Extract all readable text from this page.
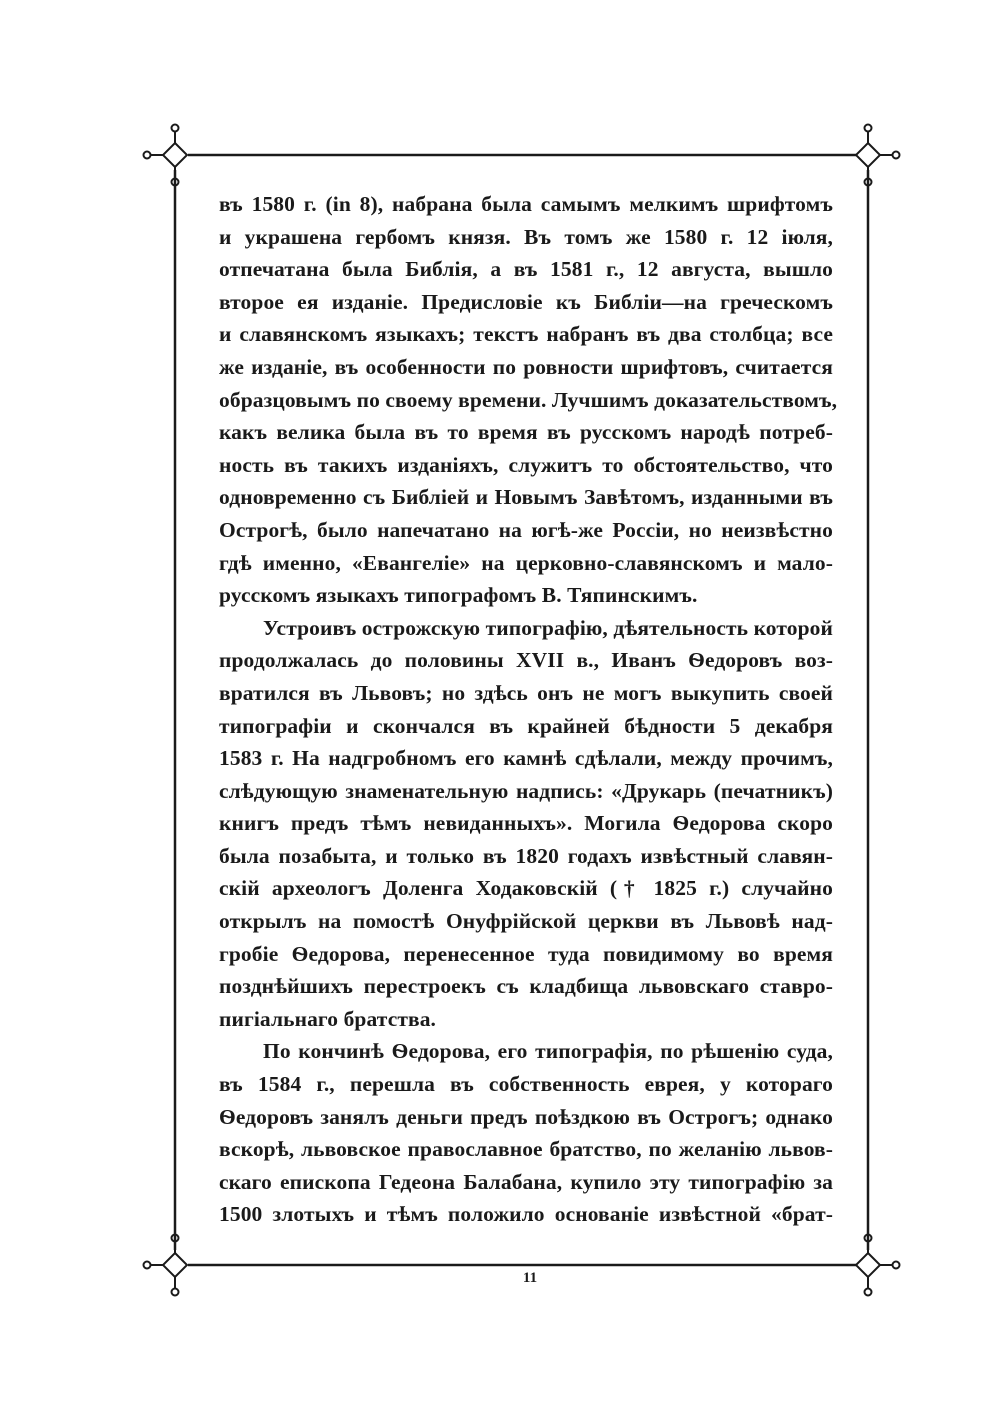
въ 1580 г. (in 8), набрана была самымъ мелкимъ шрифтомъ
и украшена гербомъ князя. Въ томъ же 1580 г. 12 іюля,
отпечатана была Библія, а въ 1581 г., 12 августа, вышло
второе ея изданіе. Предисловіе къ Библіи—на греческомъ
и славянскомъ языкахъ; текстъ набранъ въ два столбца; все
же изданіе, въ особенности по ровности шрифтовъ, считается
образцовымъ по своему времени. Лучшимъ доказательствомъ,
какъ велика была въ то время въ русскомъ народѣ потреб-
ность въ такихъ изданіяхъ, служитъ то обстоятельство, что
одновременно съ Библіей и Новымъ Завѣтомъ, изданными въ
Острогѣ, было напечатано на югѣ-же Россіи, но неизвѣстно
гдѣ именно, «Евангеліе» на церковно-славянскомъ и мало-
русскомъ языкахъ типографомъ В. Тяпинскимъ.
Устроивъ острожскую типографію, дѣятельность которой
продолжалась до половины XVII в., Иванъ Ѳедоровъ воз-
вратился въ Львовъ; но здѣсь онъ не могъ выкупить своей
типографіи и скончался въ крайней бѣдности 5 декабря
1583 г. На надгробномъ его камнѣ сдѣлали, между прочимъ,
слѣдующую знаменательную надпись: «Друкарь (печатникъ)
книгъ предъ тѣмъ невиданныхъ». Могила Ѳедорова скоро
была позабыта, и только въ 1820 годахъ извѣстный славян-
скій археологъ Доленга Ходаковскій († 1825 г.) случайно
открылъ на помостѣ Онуфрійской церкви въ Львовѣ над-
гробіе Ѳедорова, перенесенное туда повидимому во время
позднѣйшихъ перестроекъ съ кладбища львовскаго ставро-
пигіальнаго братства.
По кончинѣ Ѳедорова, его типографія, по рѣшенію суда,
въ 1584 г., перешла въ собственность еврея, у котораго
Ѳедоровъ занялъ деньги предъ поѣздкою въ Острогъ; однако
вскорѣ, львовское православное братство, по желанію львов-
скаго епископа Гедеона Балабана, купило эту типографію за
1500 злотыхъ и тѣмъ положило основаніе извѣстной «брат-
11
